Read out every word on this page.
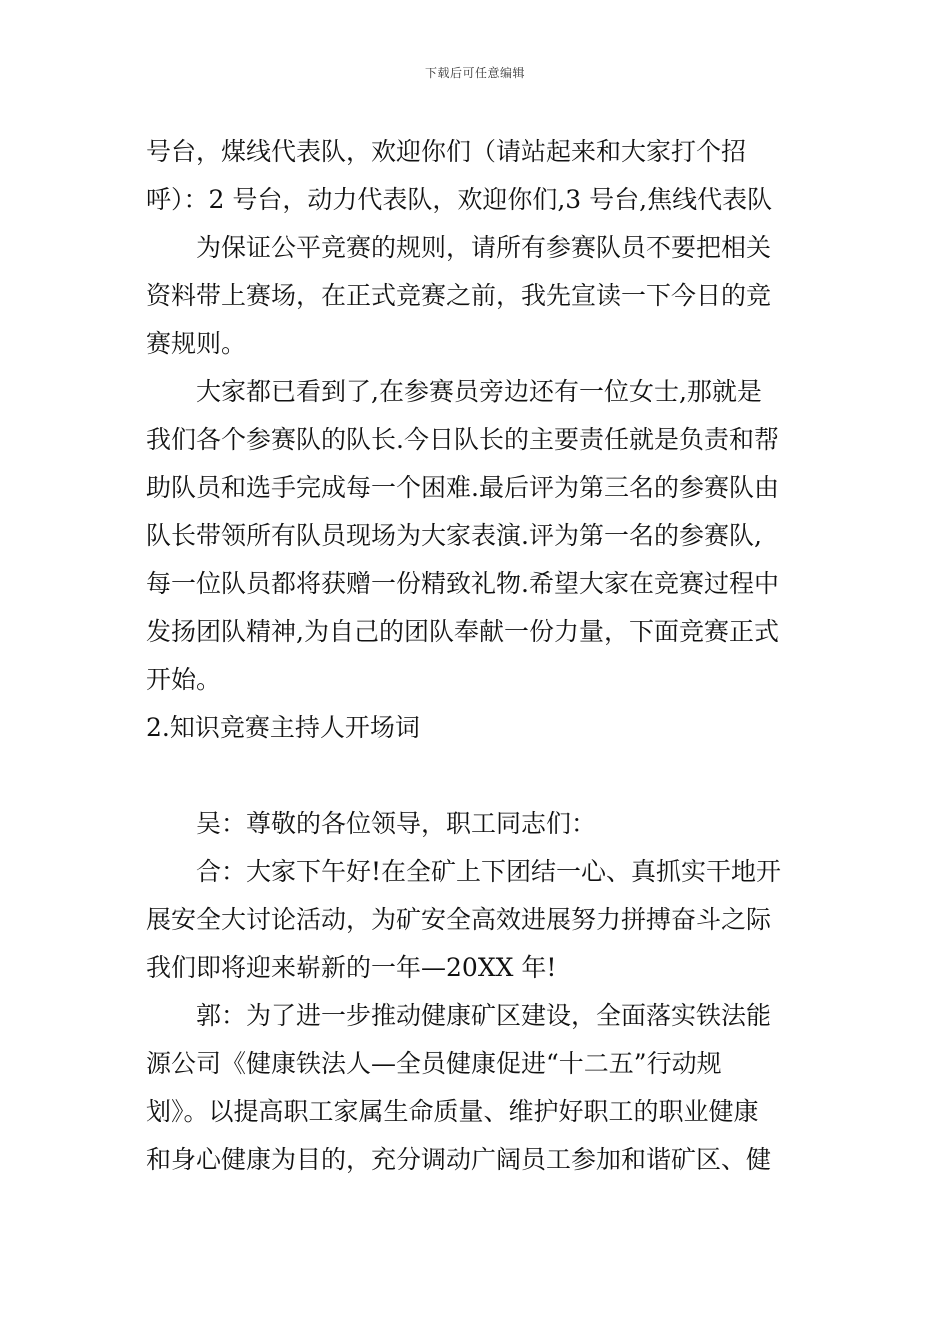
下载后可任意编辑
号台，煤线代表队，欢迎你们（请站起来和大家打个招
呼）：2 号台，动力代表队，欢迎你们,3 号台,焦线代表队
为保证公平竞赛的规则，请所有参赛队员不要把相关
资料带上赛场，在正式竞赛之前，我先宣读一下今日的竞
赛规则。
大家都已看到了,在参赛员旁边还有一位女士,那就是
我们各个参赛队的队长.今日队长的主要责任就是负责和帮
助队员和选手完成每一个困难.最后评为第三名的参赛队由
队长带领所有队员现场为大家表演.评为第一名的参赛队,
每一位队员都将获赠一份精致礼物.希望大家在竞赛过程中
发扬团队精神,为自己的团队奉献一份力量，下面竞赛正式
开始。
2.知识竞赛主持人开场词
吴：尊敬的各位领导，职工同志们：
合：大家下午好!在全矿上下团结一心、真抓实干地开
展安全大讨论活动，为矿安全高效进展努力拼搏奋斗之际
我们即将迎来崭新的一年—20XX 年!
郭：为了进一步推动健康矿区建设，全面落实铁法能
源公司《健康铁法人—全员健康促进“十二五”行动规
划》。以提高职工家属生命质量、维护好职工的职业健康
和身心健康为目的，充分调动广阔员工参加和谐矿区、健
